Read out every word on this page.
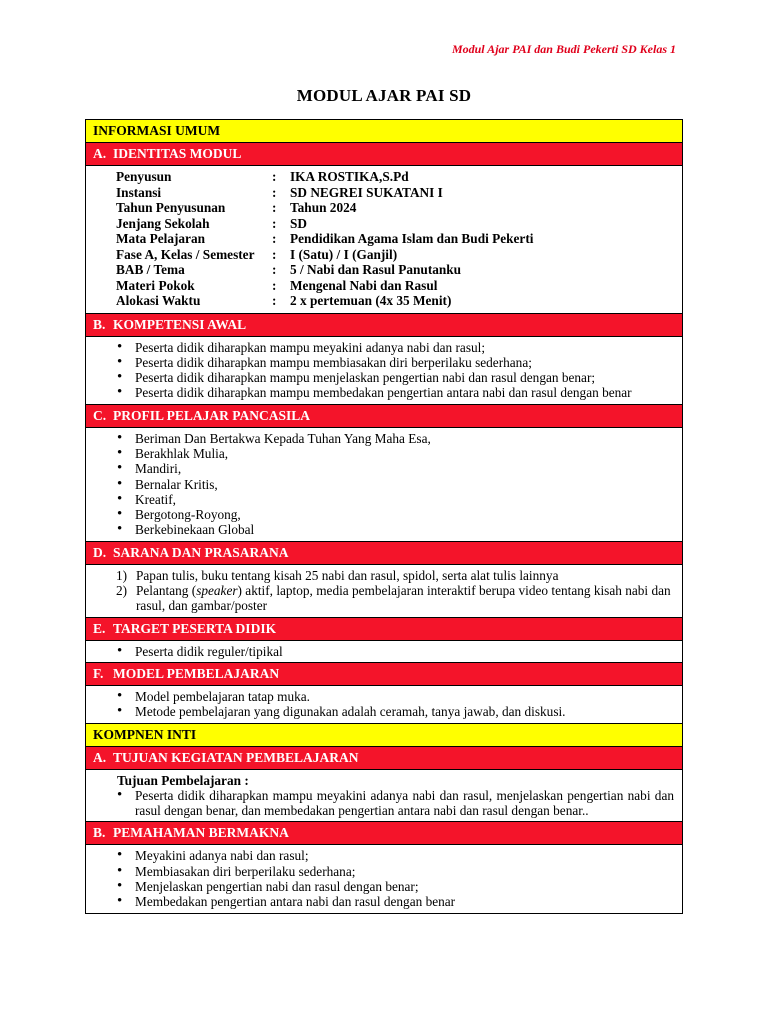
Modul Ajar PAI dan Budi Pekerti SD Kelas 1
MODUL AJAR PAI SD
INFORMASI UMUM
A. IDENTITAS MODUL
Penyusun	:	IKA ROSTIKA,S.Pd
Instansi	:	SD NEGREI SUKATANI I
Tahun Penyusunan	:	Tahun 2024
Jenjang Sekolah	:	SD
Mata Pelajaran	:	Pendidikan Agama Islam dan Budi Pekerti
Fase A, Kelas / Semester	:	I (Satu) / I (Ganjil)
BAB / Tema	:	5 / Nabi dan Rasul Panutanku
Materi Pokok	:	Mengenal Nabi dan Rasul
Alokasi Waktu	:	2 x pertemuan (4x 35 Menit)
B. KOMPETENSI AWAL
• Peserta didik diharapkan mampu meyakini adanya nabi dan rasul;
• Peserta didik diharapkan mampu membiasakan diri berperilaku sederhana;
• Peserta didik diharapkan mampu menjelaskan pengertian nabi dan rasul dengan benar;
• Peserta didik diharapkan mampu membedakan pengertian antara nabi dan rasul dengan benar
C. PROFIL PELAJAR PANCASILA
• Beriman Dan Bertakwa Kepada Tuhan Yang Maha Esa,
• Berakhlak Mulia,
• Mandiri,
• Bernalar Kritis,
• Kreatif,
• Bergotong-Royong,
• Berkebinekaan Global
D. SARANA DAN PRASARANA
1) Papan tulis, buku tentang kisah 25 nabi dan rasul, spidol, serta alat tulis lainnya
2) Pelantang (speaker) aktif, laptop, media pembelajaran interaktif berupa video tentang kisah nabi dan rasul, dan gambar/poster
E. TARGET PESERTA DIDIK
• Peserta didik reguler/tipikal
F. MODEL PEMBELAJARAN
• Model pembelajaran tatap muka.
• Metode pembelajaran yang digunakan adalah ceramah, tanya jawab, dan diskusi.
KOMPNEN INTI
A. TUJUAN KEGIATAN PEMBELAJARAN
Tujuan Pembelajaran :
• Peserta didik diharapkan mampu meyakini adanya nabi dan rasul, menjelaskan pengertian nabi dan rasul dengan benar, dan membedakan pengertian antara nabi dan rasul dengan benar..
B. PEMAHAMAN BERMAKNA
• Meyakini adanya nabi dan rasul;
• Membiasakan diri berperilaku sederhana;
• Menjelaskan pengertian nabi dan rasul dengan benar;
• Membedakan pengertian antara nabi dan rasul dengan benar
